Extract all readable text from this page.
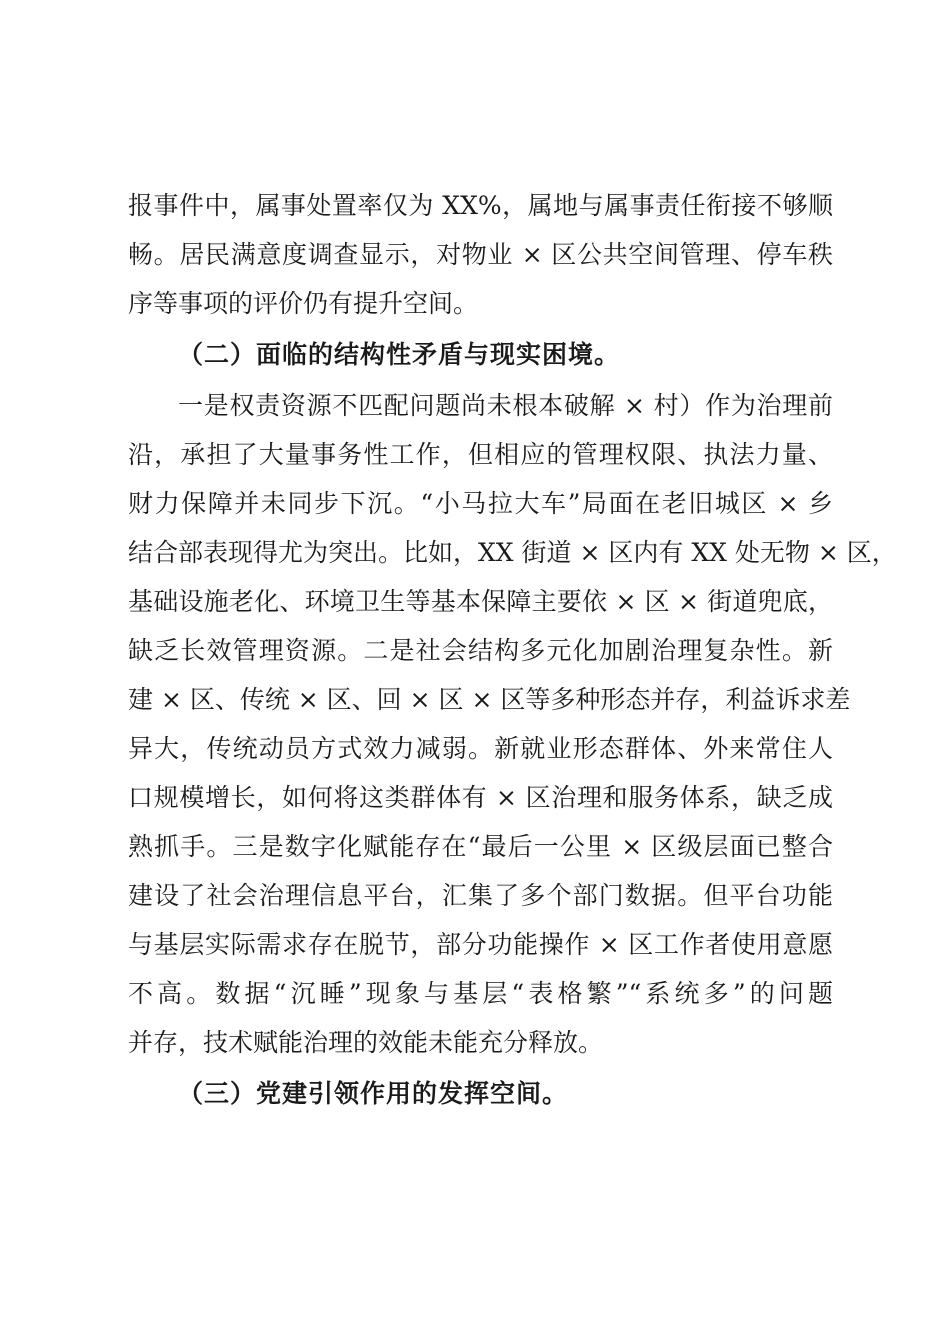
报事件中，属事处置率仅为 XX%，属地与属事责任衔接不够顺
畅。居民满意度调查显示，对物业 × 区公共空间管理、停车秩
序等事项的评价仍有提升空间。
（二）面临的结构性矛盾与现实困境。
一是权责资源不匹配问题尚未根本破解 × 村）作为治理前
沿，承担了大量事务性工作，但相应的管理权限、执法力量、
财力保障并未同步下沉。“小马拉大车”局面在老旧城区 × 乡
结合部表现得尤为突出。比如，XX 街道 × 区内有 XX 处无物 × 区，
基础设施老化、环境卫生等基本保障主要依 × 区 × 街道兜底，
缺乏长效管理资源。二是社会结构多元化加剧治理复杂性。新
建 × 区、传统 × 区、回 × 区 × 区等多种形态并存，利益诉求差
异大，传统动员方式效力减弱。新就业形态群体、外来常住人
口规模增长，如何将这类群体有 × 区治理和服务体系，缺乏成
熟抓手。三是数字化赋能存在“最后一公里 × 区级层面已整合
建设了社会治理信息平台，汇集了多个部门数据。但平台功能
与基层实际需求存在脱节，部分功能操作 × 区工作者使用意愿
不高。数据“沉睡”现象与基层“表格繁”“系统多”的问题
并存，技术赋能治理的效能未能充分释放。
（三）党建引领作用的发挥空间。
